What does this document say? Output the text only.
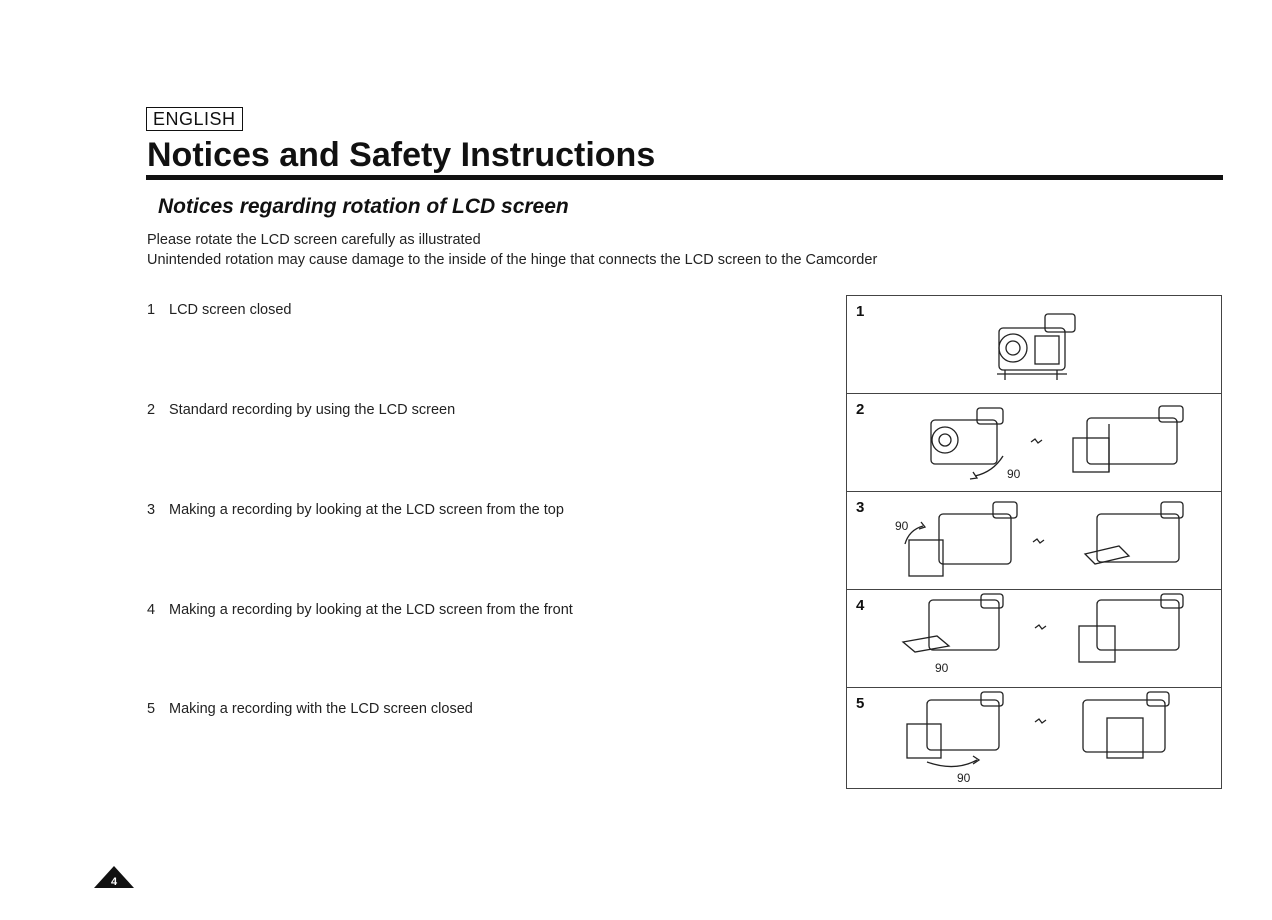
ENGLISH
Notices and Safety Instructions
Notices regarding rotation of LCD screen

Please rotate the LCD screen carefully as illustrated

Unintended rotation may cause damage to the inside of the hinge that connects the LCD screen to the Camcorder

1 LCD screen closed
2 Standard recording by using the LCD screen
3 Making a recording by looking at the LCD screen from the top
4 Making a recording by looking at the LCD screen from the front
5 Making a recording with the LCD screen closed
1
2
90
3
90
4
90
5
90
4
